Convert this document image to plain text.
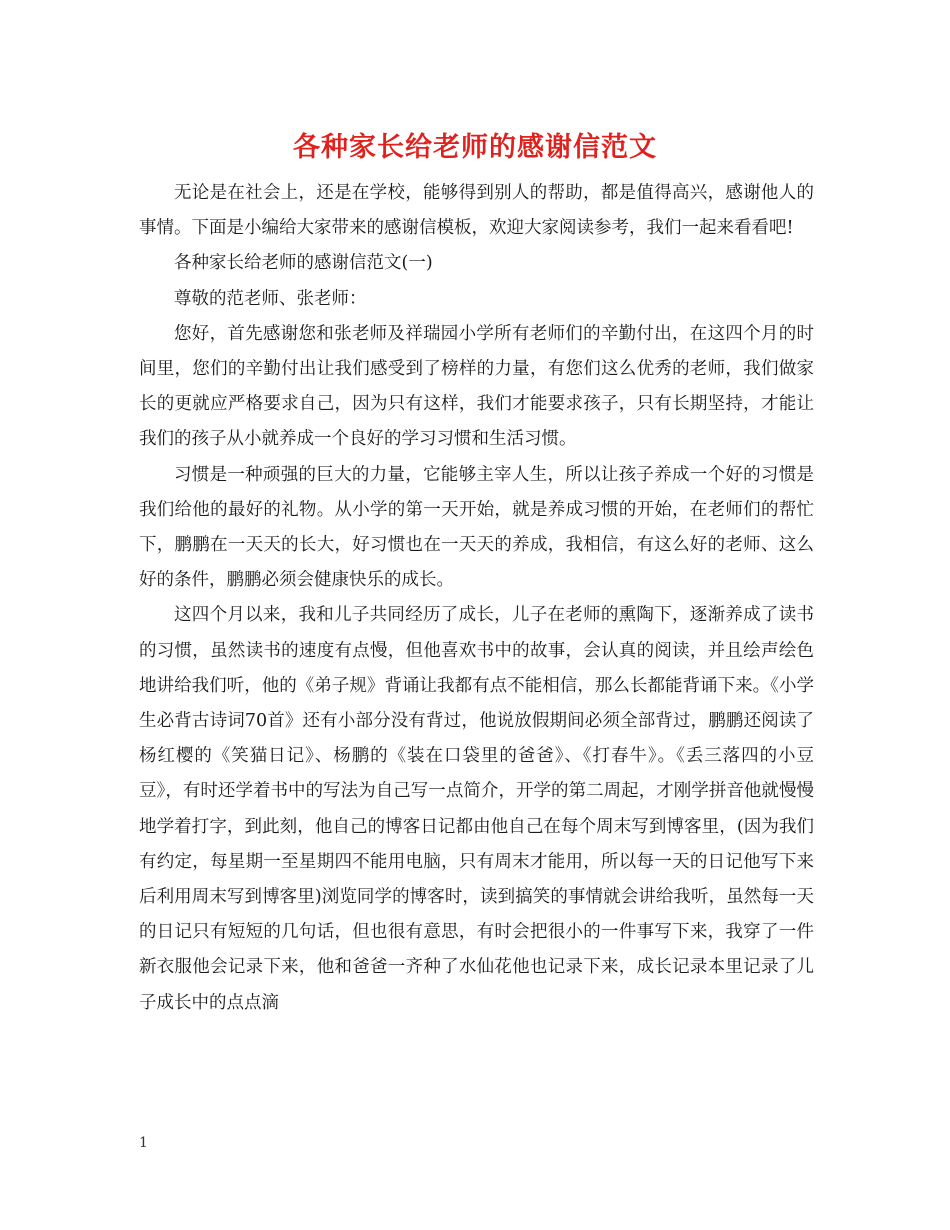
各种家长给老师的感谢信范文

无论是在社会上，还是在学校，能够得到别人的帮助，都是值得高兴，感谢他人的事情。下面是小编给大家带来的感谢信模板，欢迎大家阅读参考，我们一起来看看吧!

各种家长给老师的感谢信范文(一)

尊敬的范老师、张老师：

您好，首先感谢您和张老师及祥瑞园小学所有老师们的辛勤付出，在这四个月的时间里，您们的辛勤付出让我们感受到了榜样的力量，有您们这么优秀的老师，我们做家长的更就应严格要求自己，因为只有这样，我们才能要求孩子，只有长期坚持，才能让我们的孩子从小就养成一个良好的学习习惯和生活习惯。

习惯是一种顽强的巨大的力量，它能够主宰人生，所以让孩子养成一个好的习惯是我们给他的最好的礼物。从小学的第一天开始，就是养成习惯的开始，在老师们的帮忙下，鹏鹏在一天天的长大，好习惯也在一天天的养成，我相信，有这么好的老师、这么好的条件，鹏鹏必须会健康快乐的成长。

这四个月以来，我和儿子共同经历了成长，儿子在老师的熏陶下，逐渐养成了读书的习惯，虽然读书的速度有点慢，但他喜欢书中的故事，会认真的阅读，并且绘声绘色地讲给我们听，他的《弟子规》背诵让我都有点不能相信，那么长都能背诵下来。《小学生必背古诗词70首》还有小部分没有背过，他说放假期间必须全部背过，鹏鹏还阅读了杨红樱的《笑猫日记》、杨鹏的《装在口袋里的爸爸》、《打春牛》。《丢三落四的小豆豆》，有时还学着书中的写法为自己写一点简介，开学的第二周起，才刚学拼音他就慢慢地学着打字，到此刻，他自己的博客日记都由他自己在每个周末写到博客里，(因为我们有约定，每星期一至星期四不能用电脑，只有周末才能用，所以每一天的日记他写下来后利用周末写到博客里)浏览同学的博客时，读到搞笑的事情就会讲给我听，虽然每一天的日记只有短短的几句话，但也很有意思，有时会把很小的一件事写下来，我穿了一件新衣服他会记录下来，他和爸爸一齐种了水仙花他也记录下来，成长记录本里记录了儿子成长中的点点滴

1
